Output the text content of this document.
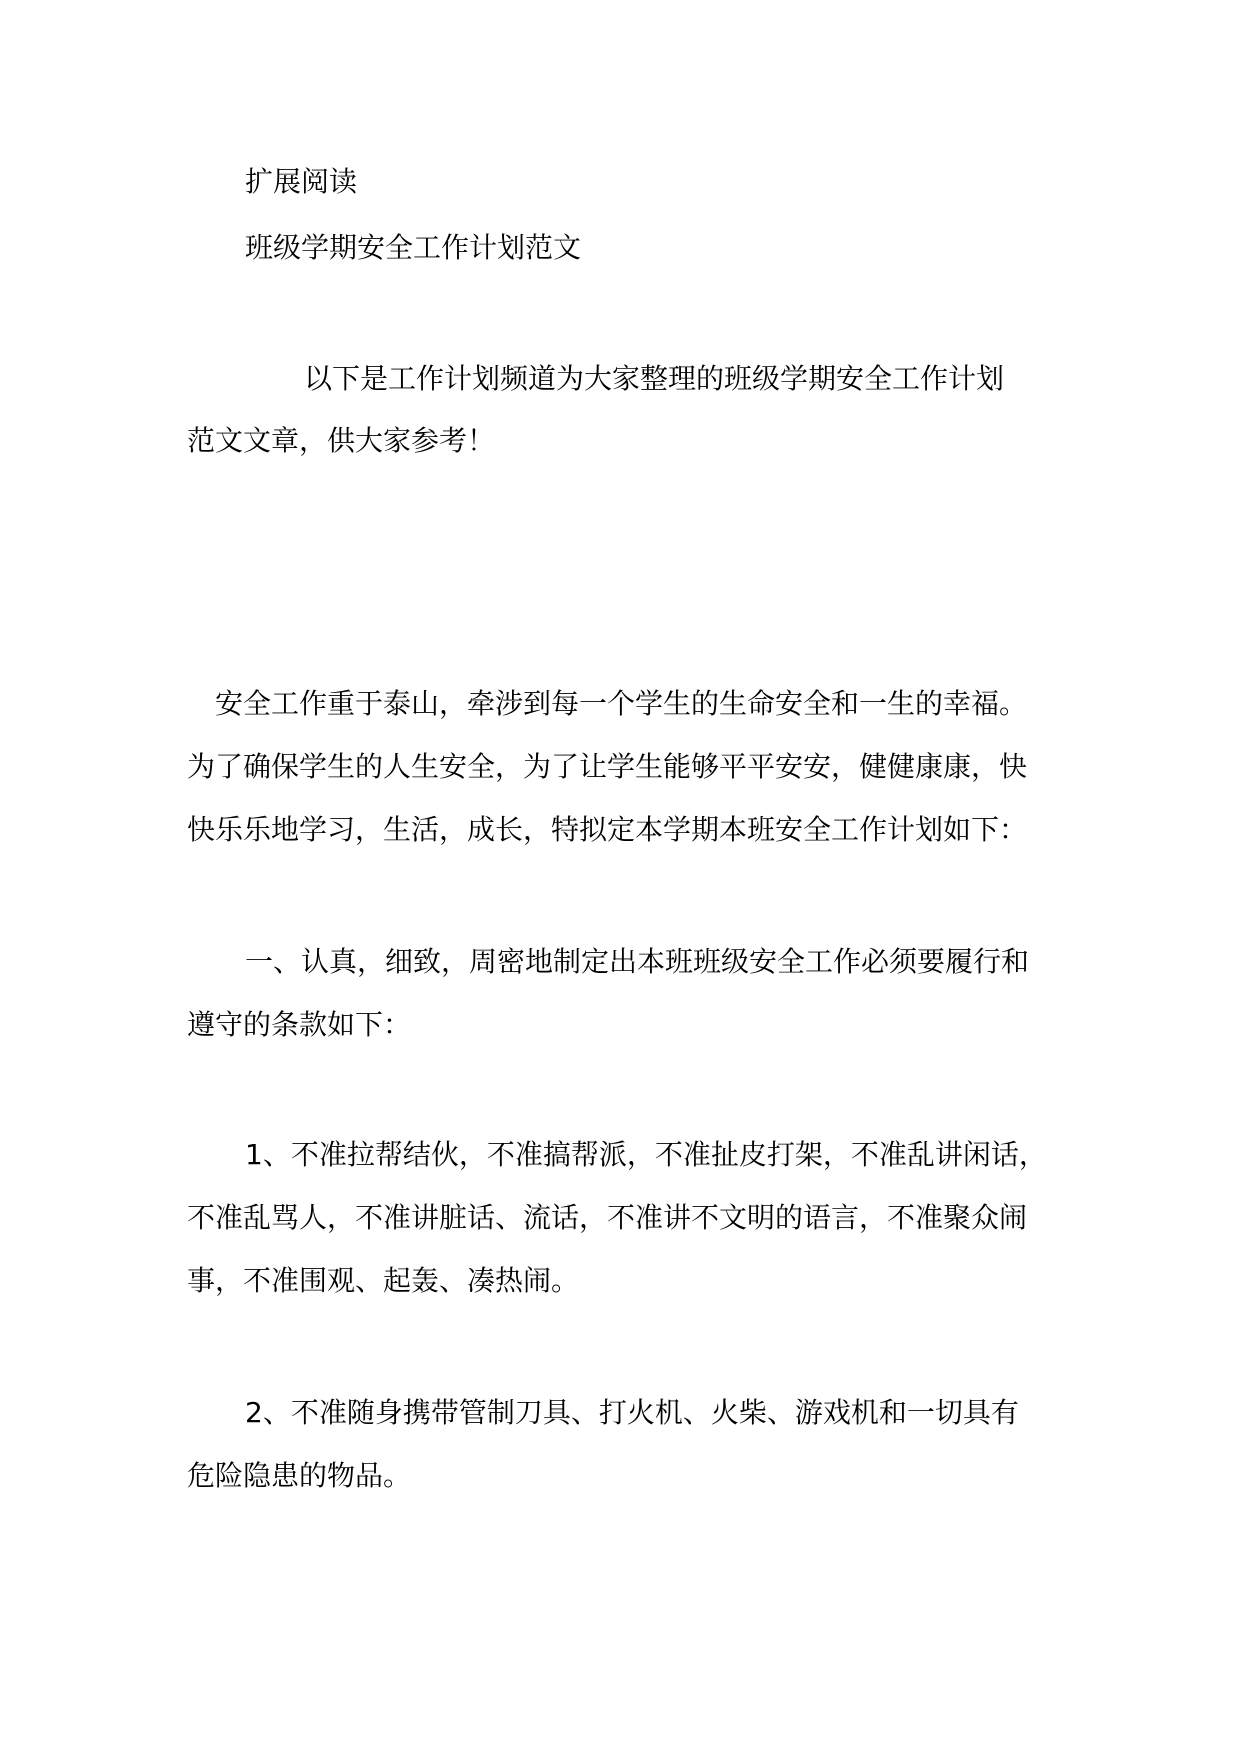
扩展阅读
班级学期安全工作计划范文
以下是工作计划频道为大家整理的班级学期安全工作计划
范文文章，供大家参考！
安全工作重于泰山，牵涉到每一个学生的生命安全和一生的幸福。
为了确保学生的人生安全，为了让学生能够平平安安，健健康康，快
快乐乐地学习，生活，成长，特拟定本学期本班安全工作计划如下：
一、认真，细致，周密地制定出本班班级安全工作必须要履行和
遵守的条款如下：
1、不准拉帮结伙，不准搞帮派，不准扯皮打架，不准乱讲闲话，
不准乱骂人，不准讲脏话、流话，不准讲不文明的语言，不准聚众闹
事，不准围观、起轰、凑热闹。
2、不准随身携带管制刀具、打火机、火柴、游戏机和一切具有
危险隐患的物品。
